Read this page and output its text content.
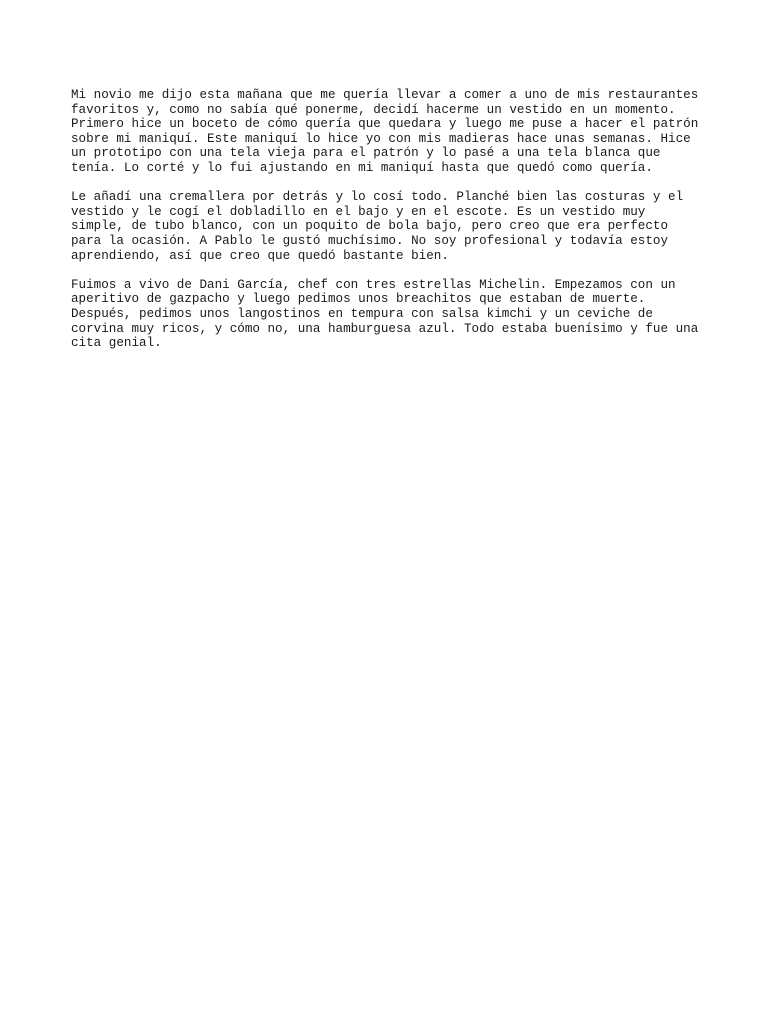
Mi novio me dijo esta mañana que me quería llevar a comer a uno de mis restaurantes
favoritos y, como no sabía qué ponerme, decidí hacerme un vestido en un momento.
Primero hice un boceto de cómo quería que quedara y luego me puse a hacer el patrón
sobre mi maniquí. Este maniquí lo hice yo con mis madieras hace unas semanas. Hice
un prototipo con una tela vieja para el patrón y lo pasé a una tela blanca que
tenía. Lo corté y lo fui ajustando en mi maniquí hasta que quedó como quería.

Le añadí una cremallera por detrás y lo cosí todo. Planché bien las costuras y el
vestido y le cogí el dobladillo en el bajo y en el escote. Es un vestido muy
simple, de tubo blanco, con un poquito de bola bajo, pero creo que era perfecto
para la ocasión. A Pablo le gustó muchísimo. No soy profesional y todavía estoy
aprendiendo, así que creo que quedó bastante bien.

Fuimos a vivo de Dani García, chef con tres estrellas Michelin. Empezamos con un
aperitivo de gazpacho y luego pedimos unos breachitos que estaban de muerte.
Después, pedimos unos langostinos en tempura con salsa kimchi y un ceviche de
corvina muy ricos, y cómo no, una hamburguesa azul. Todo estaba buenísimo y fue una
cita genial.
